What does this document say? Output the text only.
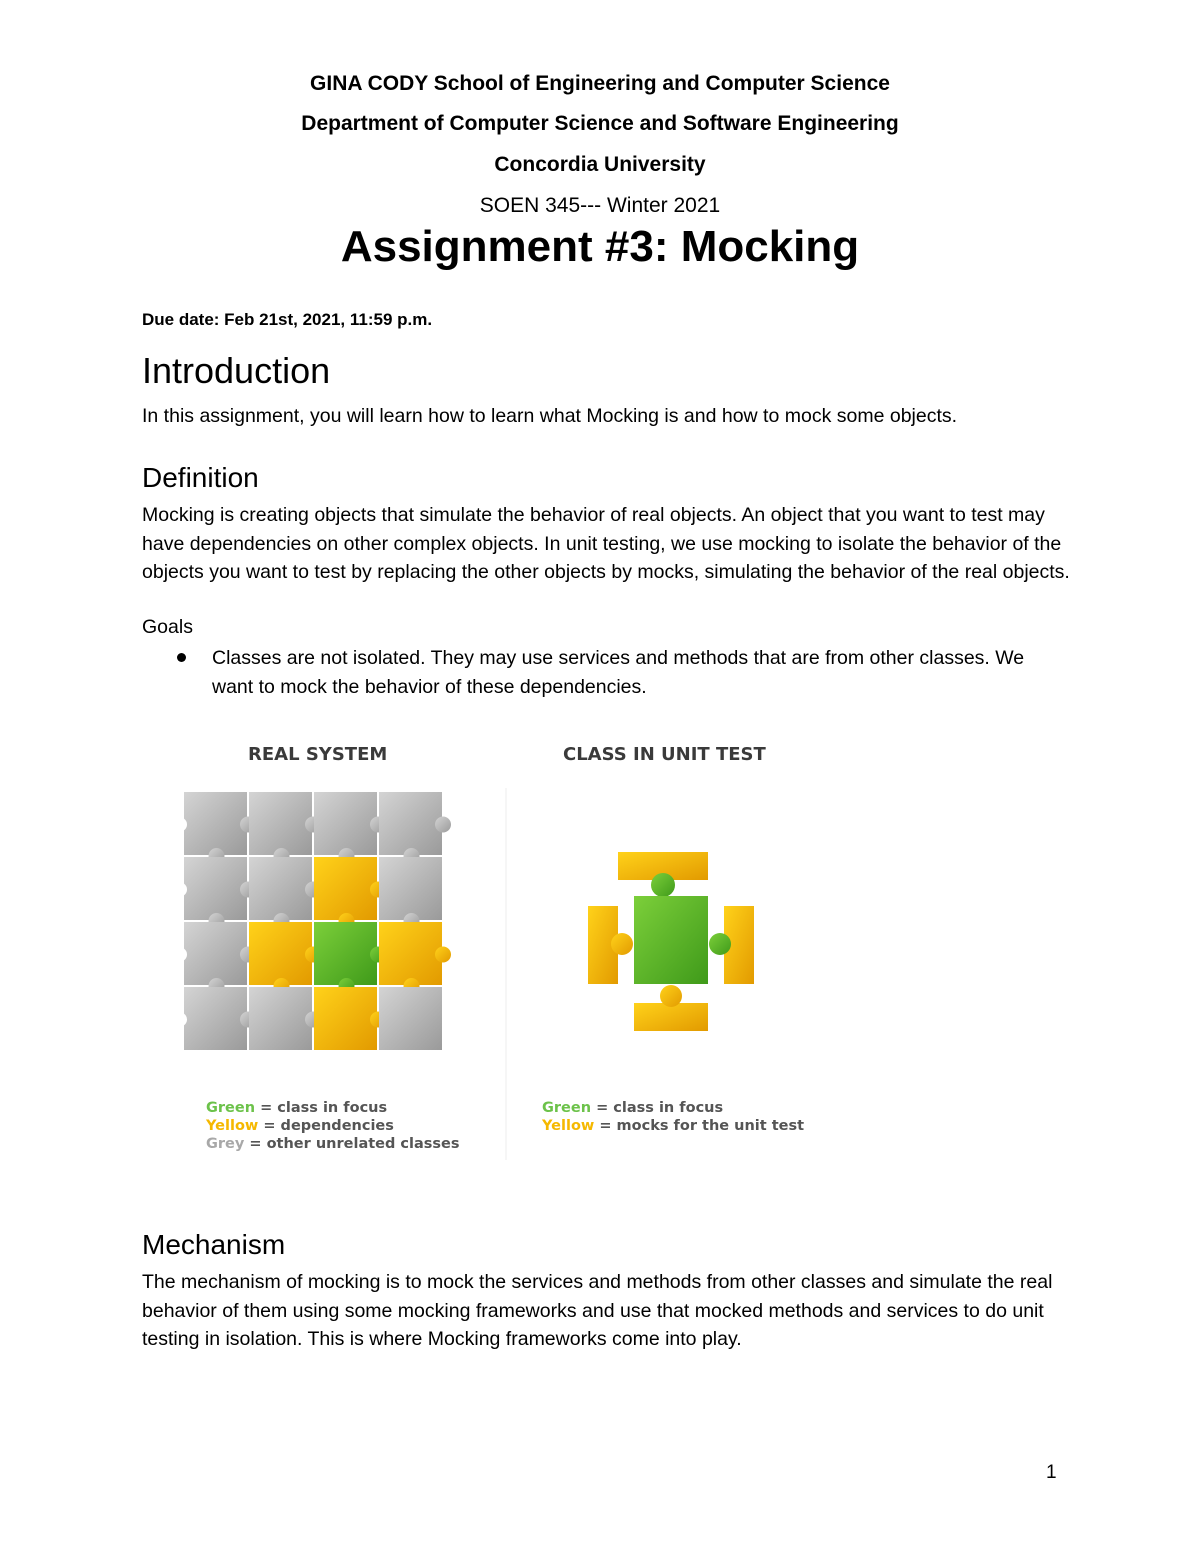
GINA CODY School of Engineering and Computer Science
Department of Computer Science and Software Engineering
Concordia University
SOEN 345--- Winter 2021
Assignment #3: Mocking
Due date: Feb 21st, 2021, 11:59 p.m.
Introduction
In this assignment, you will learn how to learn what Mocking is and how to mock some objects.
Definition
Mocking is creating objects that simulate the behavior of real objects. An object that you want to test may have dependencies on other complex objects. In unit testing, we use mocking to isolate the behavior of the objects you want to test by replacing the other objects by mocks, simulating the behavior of the real objects.
Goals
Classes are not isolated. They may use services and methods that are from other classes. We want to mock the behavior of these dependencies.
REAL SYSTEM	CLASS IN UNIT TEST
Green = class in focus
Yellow = dependencies
Grey = other unrelated classes
Green = class in focus
Yellow = mocks for the unit test
Mechanism
The mechanism of mocking is to mock the services and methods from other classes and simulate the real behavior of them using some mocking frameworks and use that mocked methods and services to do unit testing in isolation. This is where Mocking frameworks come into play.
1
